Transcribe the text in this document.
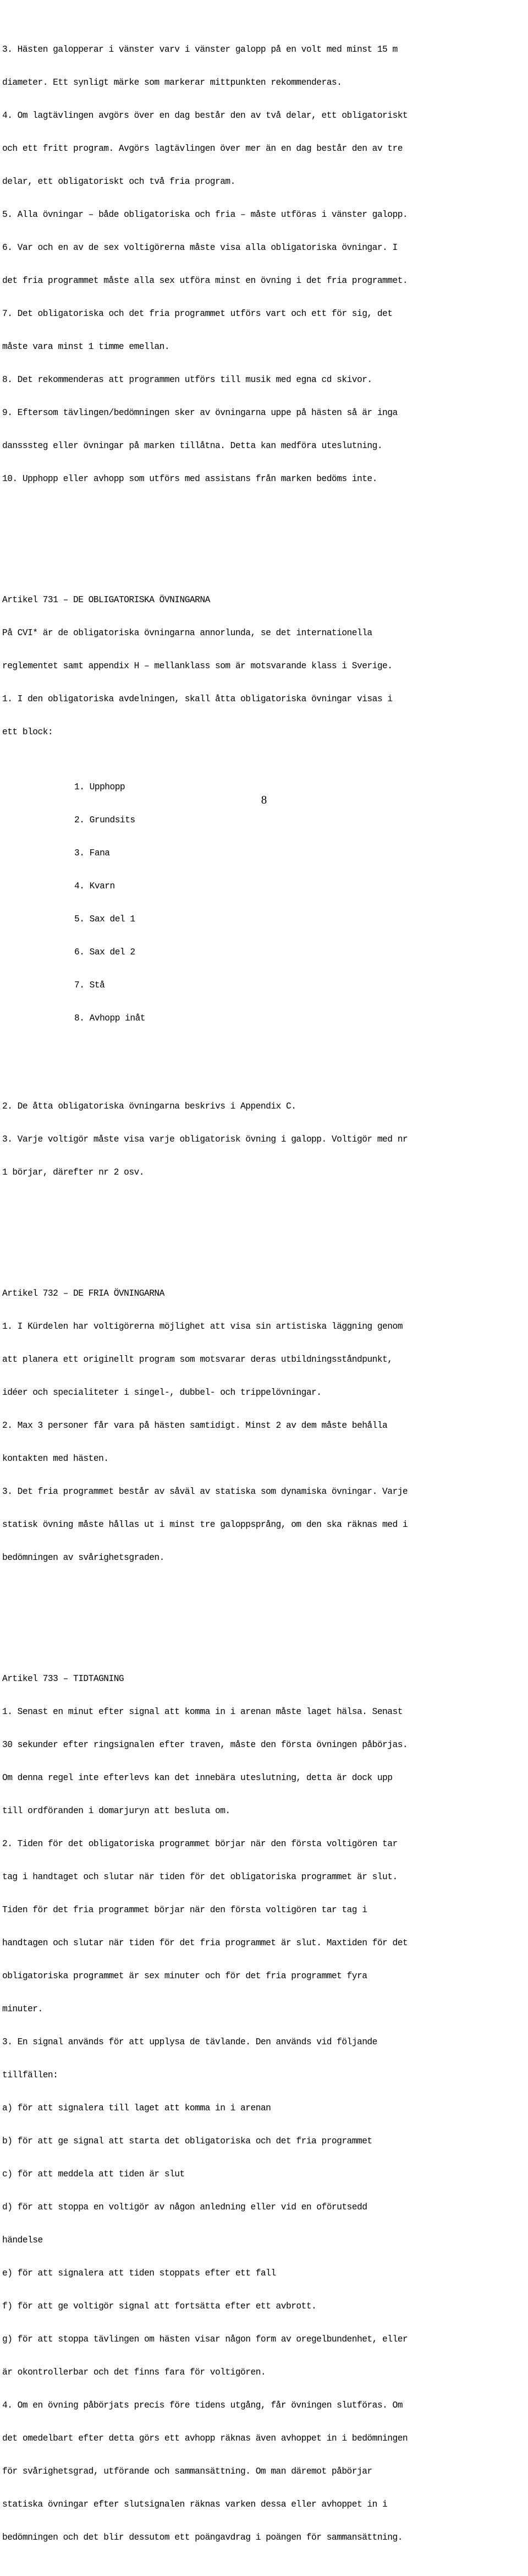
3. Hästen galopperar i vänster varv i vänster galopp på en volt med minst 15 m

diameter. Ett synligt märke som markerar mittpunkten rekommenderas.

4. Om lagtävlingen avgörs över en dag består den av två delar, ett obligatoriskt

och ett fritt program. Avgörs lagtävlingen över mer än en dag består den av tre

delar, ett obligatoriskt och två fria program.

5. Alla övningar – både obligatoriska och fria – måste utföras i vänster galopp.

6. Var och en av de sex voltigörerna måste visa alla obligatoriska övningar. I

det fria programmet måste alla sex utföra minst en övning i det fria programmet.

7. Det obligatoriska och det fria programmet utförs vart och ett för sig, det

måste vara minst 1 timme emellan.

8. Det rekommenderas att programmen utförs till musik med egna cd skivor.

9. Eftersom tävlingen/bedömningen sker av övningarna uppe på hästen så är inga

dansssteg eller övningar på marken tillåtna. Detta kan medföra uteslutning.

10. Upphopp eller avhopp som utförs med assistans från marken bedöms inte.

Artikel 731 – DE OBLIGATORISKA ÖVNINGARNA

På CVI* är de obligatoriska övningarna annorlunda, se det internationella

reglementet samt appendix H – mellanklass som är motsvarande klass i Sverige.

1. I den obligatoriska avdelningen, skall åtta obligatoriska övningar visas i

ett block:

1. Upphopp

2. Grundsits

3. Fana

4. Kvarn

5. Sax del 1

6. Sax del 2

7. Stå

8. Avhopp inåt

2. De åtta obligatoriska övningarna beskrivs i Appendix C.

3. Varje voltigör måste visa varje obligatorisk övning i galopp. Voltigör med nr

1 börjar, därefter nr 2 osv.

Artikel 732 – DE FRIA ÖVNINGARNA

1. I Kürdelen har voltigörerna möjlighet att visa sin artistiska läggning genom

att planera ett originellt program som motsvarar deras utbildningsståndpunkt,

idéer och specialiteter i singel-, dubbel- och trippelövningar.

2. Max 3 personer får vara på hästen samtidigt. Minst 2 av dem måste behålla

kontakten med hästen.

3. Det fria programmet består av såväl av statiska som dynamiska övningar. Varje

statisk övning måste hållas ut i minst tre galoppsprång, om den ska räknas med i

bedömningen av svårighetsgraden.

Artikel 733 – TIDTAGNING

1. Senast en minut efter signal att komma in i arenan måste laget hälsa. Senast

30 sekunder efter ringsignalen efter traven, måste den första övningen påbörjas.

Om denna regel inte efterlevs kan det innebära uteslutning, detta är dock upp

till ordföranden i domarjuryn att besluta om.

2. Tiden för det obligatoriska programmet börjar när den första voltigören tar

tag i handtaget och slutar när tiden för det obligatoriska programmet är slut.

Tiden för det fria programmet börjar när den första voltigören tar tag i

handtagen och slutar när tiden för det fria programmet är slut. Maxtiden för det

obligatoriska programmet är sex minuter och för det fria programmet fyra

minuter.

3. En signal används för att upplysa de tävlande. Den används vid följande

tillfällen:

a) för att signalera till laget att komma in i arenan

b) för att ge signal att starta det obligatoriska och det fria programmet

c) för att meddela att tiden är slut

d) för att stoppa en voltigör av någon anledning eller vid en oförutsedd

händelse

e) för att signalera att tiden stoppats efter ett fall

f) för att ge voltigör signal att fortsätta efter ett avbrott.

g) för att stoppa tävlingen om hästen visar någon form av oregelbundenhet, eller

är okontrollerbar och det finns fara för voltigören.

4. Om en övning påbörjats precis före tidens utgång, får övningen slutföras. Om

det omedelbart efter detta görs ett avhopp räknas även avhoppet in i bedömningen

för svårighetsgrad, utförande och sammansättning. Om man däremot påbörjar

statiska övningar efter slutsignalen räknas varken dessa eller avhoppet in i

bedömningen och det blir dessutom ett poängavdrag i poängen för sammansättning.

8
